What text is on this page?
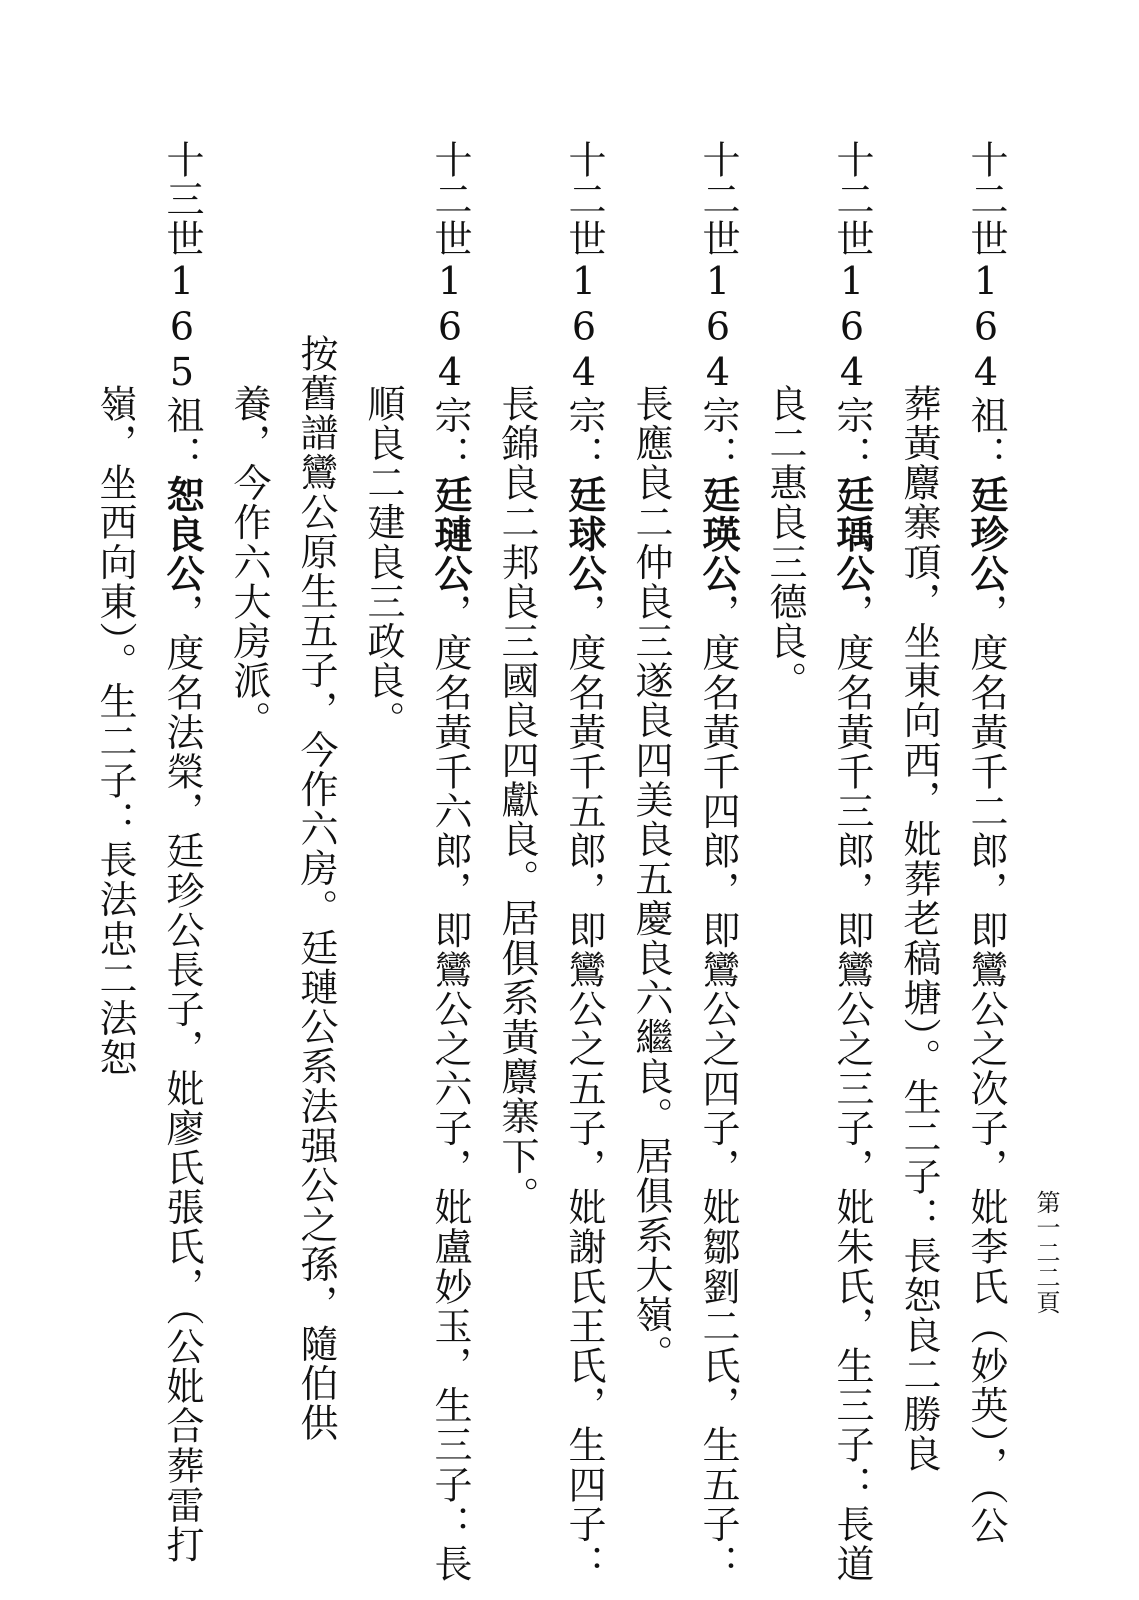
第一二二頁

十二世164祖：廷珍公，度名黃千二郎，即鸞公之次子，妣李氏（妙英），（公

葬黃麖寨頂，坐東向西，妣葬老稿塘）。生二子：長恕良二勝良

十二世164宗：廷瑀公，度名黃千三郎，即鸞公之三子，妣朱氏，生三子：長道

良二惠良三德良。

十二世164宗：廷瑛公，度名黃千四郎，即鸞公之四子，妣鄒劉二氏，生五子：

長應良二仲良三遂良四美良五慶良六繼良。居俱系大嶺。

十二世164宗：廷球公，度名黃千五郎，即鸞公之五子，妣謝氏王氏，生四子：

長錦良二邦良三國良四獻良。居俱系黃麖寨下。

十二世164宗：廷璉公，度名黃千六郎，即鸞公之六子，妣盧妙玉，生三子：長

順良二建良三政良。

按舊譜鸞公原生五子，今作六房。廷璉公系法强公之孫，隨伯供

養，今作六大房派。

十三世165祖：恕良公，度名法榮，廷珍公長子，妣廖氏張氏，（公妣合葬雷打

嶺，坐西向東）。生二子：長法忠二法恕
